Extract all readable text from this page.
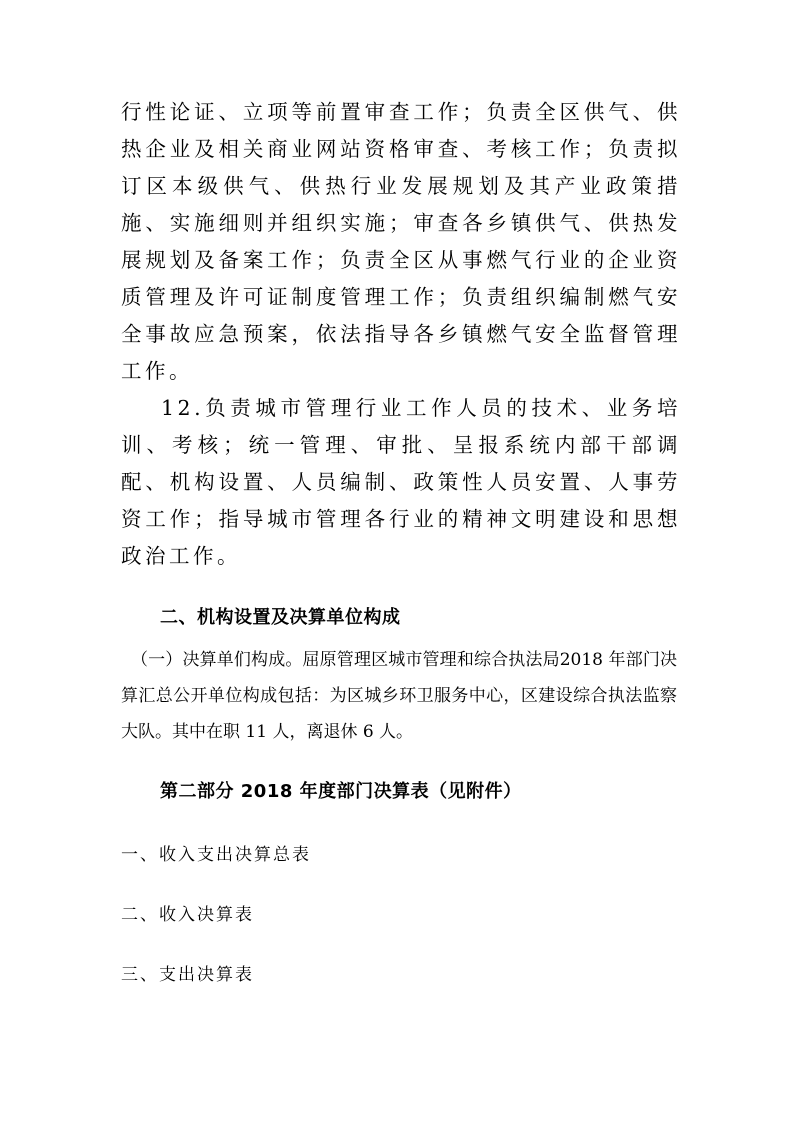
行性论证、立项等前置审查工作；负责全区供气、供热企业及相关商业网站资格审查、考核工作；负责拟订区本级供气、供热行业发展规划及其产业政策措施、实施细则并组织实施；审查各乡镇供气、供热发展规划及备案工作；负责全区从事燃气行业的企业资质管理及许可证制度管理工作；负责组织编制燃气安全事故应急预案，依法指导各乡镇燃气安全监督管理工作。

12.负责城市管理行业工作人员的技术、业务培训、考核；统一管理、审批、呈报系统内部干部调配、机构设置、人员编制、政策性人员安置、人事劳资工作；指导城市管理各行业的精神文明建设和思想政治工作。

二、机构设置及决算单位构成

（一）决算单们构成。屈原管理区城市管理和综合执法局2018 年部门决算汇总公开单位构成包括：为区城乡环卫服务中心，区建设综合执法监察大队。其中在职 11 人，离退休 6 人。

第二部分 2018 年度部门决算表（见附件）

一、收入支出决算总表

二、收入决算表

三、支出决算表
